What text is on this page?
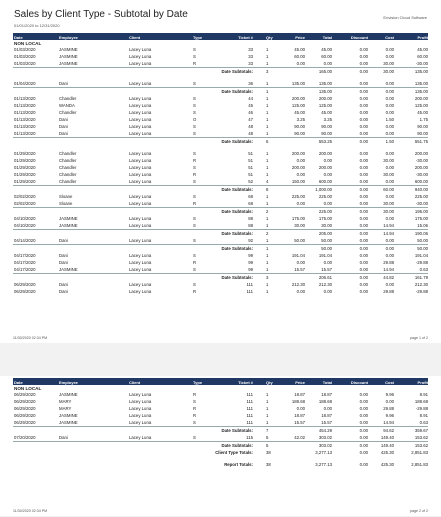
Sales by Client Type - Subtotal by Date
01/01/2020 to 12/31/2020
Envision Cloud Software
Date	Employee	Client	Type	Ticket #	Qty	Price	Total	Discount	Cost	Profit
NON LOCAL
01/03/2020	JASMINE	Lacey Luna	S	33	1	45.00	45.00	0.00	0.00	45.00
01/03/2020	JASMINE	Lacey Luna	S	33	1	60.00	60.00	0.00	0.00	60.00
01/03/2020	JASMINE	Lacey Luna	R	33	1	0.00	0.00	0.00	30.00	-30.00
Date Subtotals:	3	165.00	0.00	30.00	135.00
01/04/2020	Dani	Lacey Luna	S	36	1	135.00	135.00	0.00	0.00	135.00
Date Subtotals:	1	135.00	0.00	0.00	135.00
01/13/2020	Chandler	Lacey Luna	S	44	1	200.00	200.00	0.00	0.00	200.00
01/13/2020	WANDA	Lacey Luna	S	45	1	125.00	125.00	0.00	0.00	125.00
01/13/2020	Chandler	Lacey Luna	S	46	1	45.00	45.00	0.00	0.00	45.00
01/13/2020	Dani	Lacey Luna	O	47	1	3.25	3.25	0.00	1.50	1.75
01/13/2020	Dani	Lacey Luna	S	48	1	90.00	90.00	0.00	0.00	90.00
01/13/2020	Dani	Lacey Luna	S	48	1	90.00	90.00	0.00	0.00	90.00
Date Subtotals:	6	553.25	0.00	1.50	551.75
01/29/2020	Chandler	Lacey Luna	S	51	1	200.00	200.00	0.00	0.00	200.00
01/29/2020	Chandler	Lacey Luna	R	51	1	0.00	0.00	0.00	30.00	-30.00
01/29/2020	Chandler	Lacey Luna	S	51	1	200.00	200.00	0.00	0.00	200.00
01/29/2020	Chandler	Lacey Luna	R	51	1	0.00	0.00	0.00	30.00	-30.00
01/29/2020	Chandler	Lacey Luna	S	52	4	150.00	600.00	0.00	0.00	600.00
Date Subtotals:	8	1,000.00	0.00	60.00	940.00
02/02/2020	Sloane	Lacey Luna	S	68	1	225.00	225.00	0.00	0.00	225.00
02/02/2020	Sloane	Lacey Luna	R	68	1	0.00	0.00	0.00	30.00	-30.00
Date Subtotals:	2	225.00	0.00	30.00	195.00
04/10/2020	JASMINE	Lacey Luna	S	88	1	175.00	175.00	0.00	0.00	175.00
04/10/2020	JASMINE	Lacey Luna	S	88	1	30.00	30.00	0.00	14.94	15.06
Date Subtotals:	2	205.00	0.00	14.94	190.06
04/14/2020	Dani	Lacey Luna	S	92	1	50.00	50.00	0.00	0.00	50.00
Date Subtotals:	1	50.00	0.00	0.00	50.00
04/17/2020	Dani	Lacey Luna	S	99	1	191.04	191.04	0.00	0.00	191.04
04/17/2020	Dani	Lacey Luna	R	99	1	0.00	0.00	0.00	29.88	-29.88
04/17/2020	JASMINE	Lacey Luna	S	99	1	15.57	15.57	0.00	14.94	0.63
Date Subtotals:	3	206.61	0.00	44.82	161.79
06/29/2020	Dani	Lacey Luna	S	111	1	212.30	212.30	0.00	0.00	212.30
06/29/2020	Dani	Lacey Luna	R	111	1	0.00	0.00	0.00	29.88	-29.88
11/30/2020 02:34 PM	page 1 of 2
Date	Employee	Client	Type	Ticket #	Qty	Price	Total	Discount	Cost	Profit
NON LOCAL
06/29/2020	JASMINE	Lacey Luna	R	111	1	18.87	18.87	0.00	9.96	8.91
06/29/2020	MARY	Lacey Luna	S	111	1	188.68	188.68	0.00	0.00	188.68
06/29/2020	MARY	Lacey Luna	R	111	1	0.00	0.00	0.00	29.88	-29.88
06/29/2020	JASMINE	Lacey Luna	R	111	1	18.87	18.87	0.00	9.96	8.91
06/29/2020	JASMINE	Lacey Luna	S	111	1	15.57	15.57	0.00	14.94	0.63
Date Subtotals:	7	454.29	0.00	94.62	359.67
07/20/2020	Dani	Lacey Luna	S	115	5	42.02	303.02	0.00	149.40	153.62
Date Subtotals:	5	303.02	0.00	149.40	153.62
Client Type Totals:	38	3,277.13	0.00	425.30	2,851.83
Report Totals:	38	3,277.13	0.00	425.30	2,851.83
11/30/2020 02:34 PM	page 2 of 2
